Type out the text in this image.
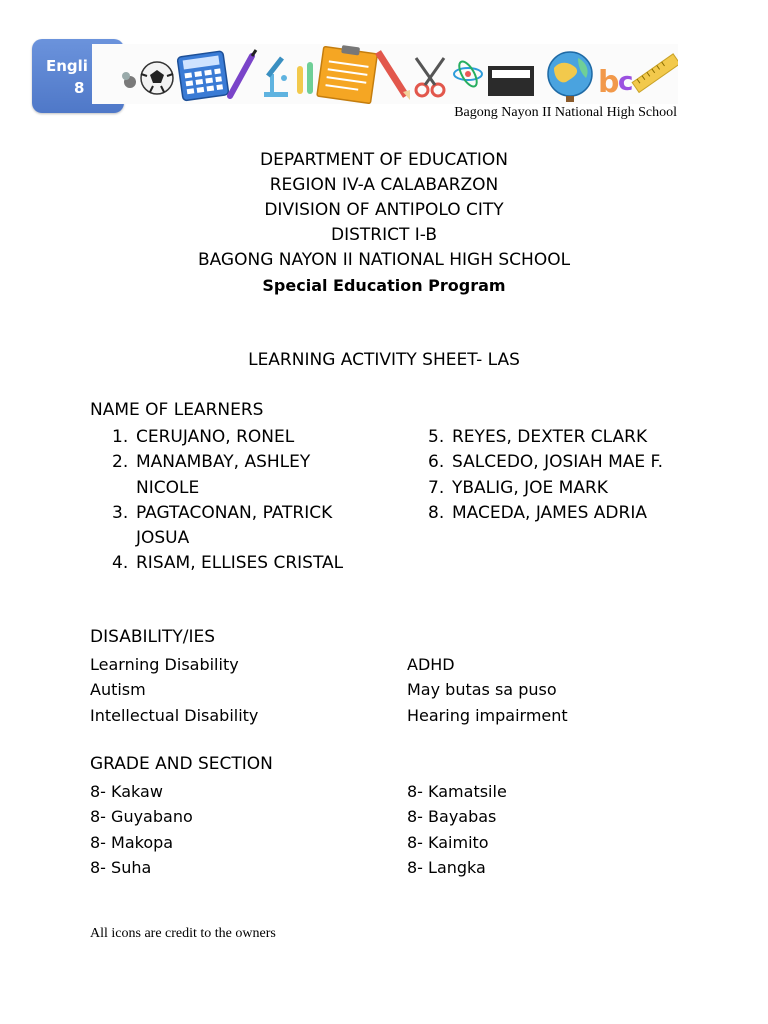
Engli
8	b
c
Bagong Nayon II National High School
DEPARTMENT OF EDUCATION
REGION IV-A CALABARZON
DIVISION OF ANTIPOLO CITY
DISTRICT I-B
BAGONG NAYON II NATIONAL HIGH SCHOOL
Special Education Program
LEARNING ACTIVITY SHEET- LAS
NAME OF LEARNERS
1. CERUJANO, RONEL
2. MANAMBAY, ASHLEY NICOLE
3. PAGTACONAN, PATRICK JOSUA
4. RISAM, ELLISES CRISTAL
5. REYES, DEXTER CLARK
6. SALCEDO, JOSIAH MAE F.
7. YBALIG, JOE MARK
8. MACEDA, JAMES ADRIA
DISABILITY/IES
Learning Disability
Autism
Intellectual Disability
ADHD
May butas sa puso
Hearing impairment
GRADE AND SECTION
8- Kakaw
8- Guyabano
8- Makopa
8- Suha
8- Kamatsile
8- Bayabas
8- Kaimito
8- Langka
All icons are credit to the owners
